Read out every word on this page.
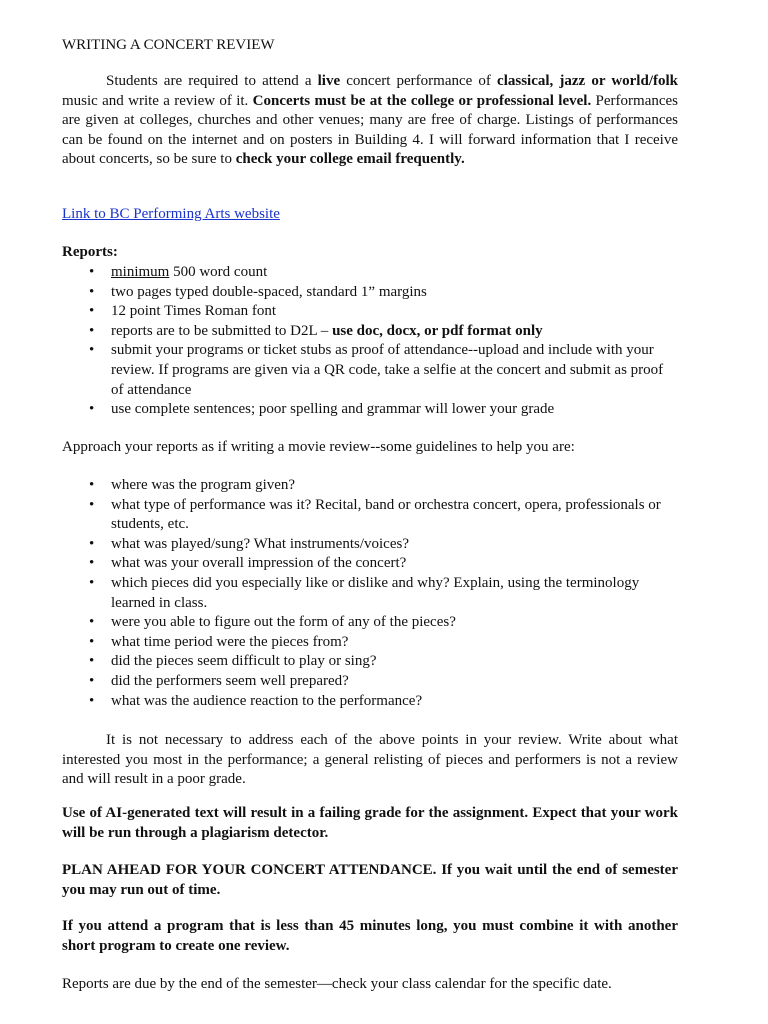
WRITING A CONCERT REVIEW

Students are required to attend a live concert performance of classical, jazz or world/folk music and write a review of it. Concerts must be at the college or professional level. Performances are given at colleges, churches and other venues; many are free of charge. Listings of performances can be found on the internet and on posters in Building 4. I will forward information that I receive about concerts, so be sure to check your college email frequently.

Link to BC Performing Arts website

Reports:

• minimum 500 word count
• two pages typed double-spaced, standard 1” margins
• 12 point Times Roman font
• reports are to be submitted to D2L – use doc, docx, or pdf format only
• submit your programs or ticket stubs as proof of attendance--upload and include with your review. If programs are given via a QR code, take a selfie at the concert and submit as proof of attendance
• use complete sentences; poor spelling and grammar will lower your grade

Approach your reports as if writing a movie review--some guidelines to help you are:

• where was the program given?
• what type of performance was it? Recital, band or orchestra concert, opera, professionals or students, etc.
• what was played/sung? What instruments/voices?
• what was your overall impression of the concert?
• which pieces did you especially like or dislike and why? Explain, using the terminology learned in class.
• were you able to figure out the form of any of the pieces?
• what time period were the pieces from?
• did the pieces seem difficult to play or sing?
• did the performers seem well prepared?
• what was the audience reaction to the performance?

It is not necessary to address each of the above points in your review. Write about what interested you most in the performance; a general relisting of pieces and performers is not a review and will result in a poor grade.

Use of AI-generated text will result in a failing grade for the assignment. Expect that your work will be run through a plagiarism detector.

PLAN AHEAD FOR YOUR CONCERT ATTENDANCE. If you wait until the end of semester you may run out of time.

If you attend a program that is less than 45 minutes long, you must combine it with another short program to create one review.

Reports are due by the end of the semester—check your class calendar for the specific date.
